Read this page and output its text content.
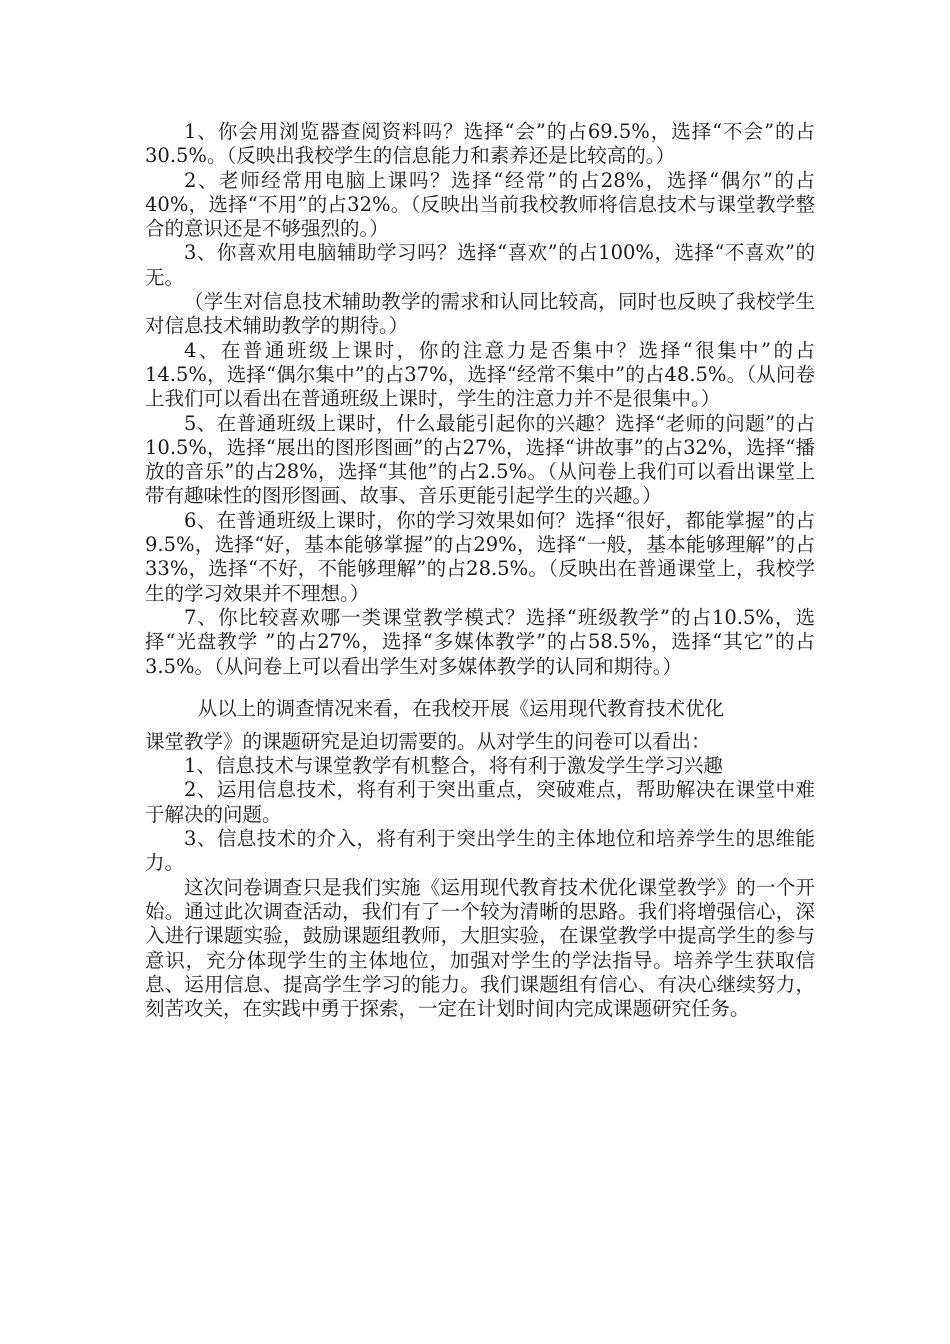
1、你会用浏览器查阅资料吗？选择“会”的占69.5%，选择“不会”的占30.5%。（反映出我校学生的信息能力和素养还是比较高的。）

2、老师经常用电脑上课吗？选择“经常”的占28%，选择“偶尔”的占40%，选择“不用”的占32%。（反映出当前我校教师将信息技术与课堂教学整合的意识还是不够强烈的。）

3、你喜欢用电脑辅助学习吗？选择“喜欢”的占100%，选择“不喜欢”的无。

（学生对信息技术辅助教学的需求和认同比较高，同时也反映了我校学生对信息技术辅助教学的期待。）

4、在普通班级上课时，你的注意力是否集中？选择“很集中”的占14.5%，选择“偶尔集中”的占37%，选择“经常不集中”的占48.5%。（从问卷上我们可以看出在普通班级上课时，学生的注意力并不是很集中。）

5、在普通班级上课时，什么最能引起你的兴趣？选择“老师的问题”的占10.5%，选择“展出的图形图画”的占27%，选择“讲故事”的占32%，选择“播放的音乐”的占28%，选择“其他”的占2.5%。（从问卷上我们可以看出课堂上带有趣味性的图形图画、故事、音乐更能引起学生的兴趣。）

6、在普通班级上课时，你的学习效果如何？选择“很好，都能掌握”的占9.5%，选择“好，基本能够掌握”的占29%，选择“一般，基本能够理解”的占33%，选择“不好，不能够理解”的占28.5%。（反映出在普通课堂上，我校学生的学习效果并不理想。）

7、你比较喜欢哪一类课堂教学模式？选择“班级教学”的占10.5%，选择“光盘教学 ”的占27%，选择“多媒体教学”的占58.5%，选择“其它”的占3.5%。（从问卷上可以看出学生对多媒体教学的认同和期待。）

从以上的调查情况来看，在我校开展《运用现代教育技术优化

课堂教学》的课题研究是迫切需要的。从对学生的问卷可以看出：

1、信息技术与课堂教学有机整合，将有利于激发学生学习兴趣

2、运用信息技术，将有利于突出重点，突破难点，帮助解决在课堂中难于解决的问题。

3、信息技术的介入，将有利于突出学生的主体地位和培养学生的思维能力。

这次问卷调查只是我们实施《运用现代教育技术优化课堂教学》的一个开始。通过此次调查活动，我们有了一个较为清晰的思路。我们将增强信心，深入进行课题实验，鼓励课题组教师，大胆实验，在课堂教学中提高学生的参与意识，充分体现学生的主体地位，加强对学生的学法指导。培养学生获取信息、运用信息、提高学生学习的能力。我们课题组有信心、有决心继续努力，刻苦攻关，在实践中勇于探索，一定在计划时间内完成课题研究任务。
